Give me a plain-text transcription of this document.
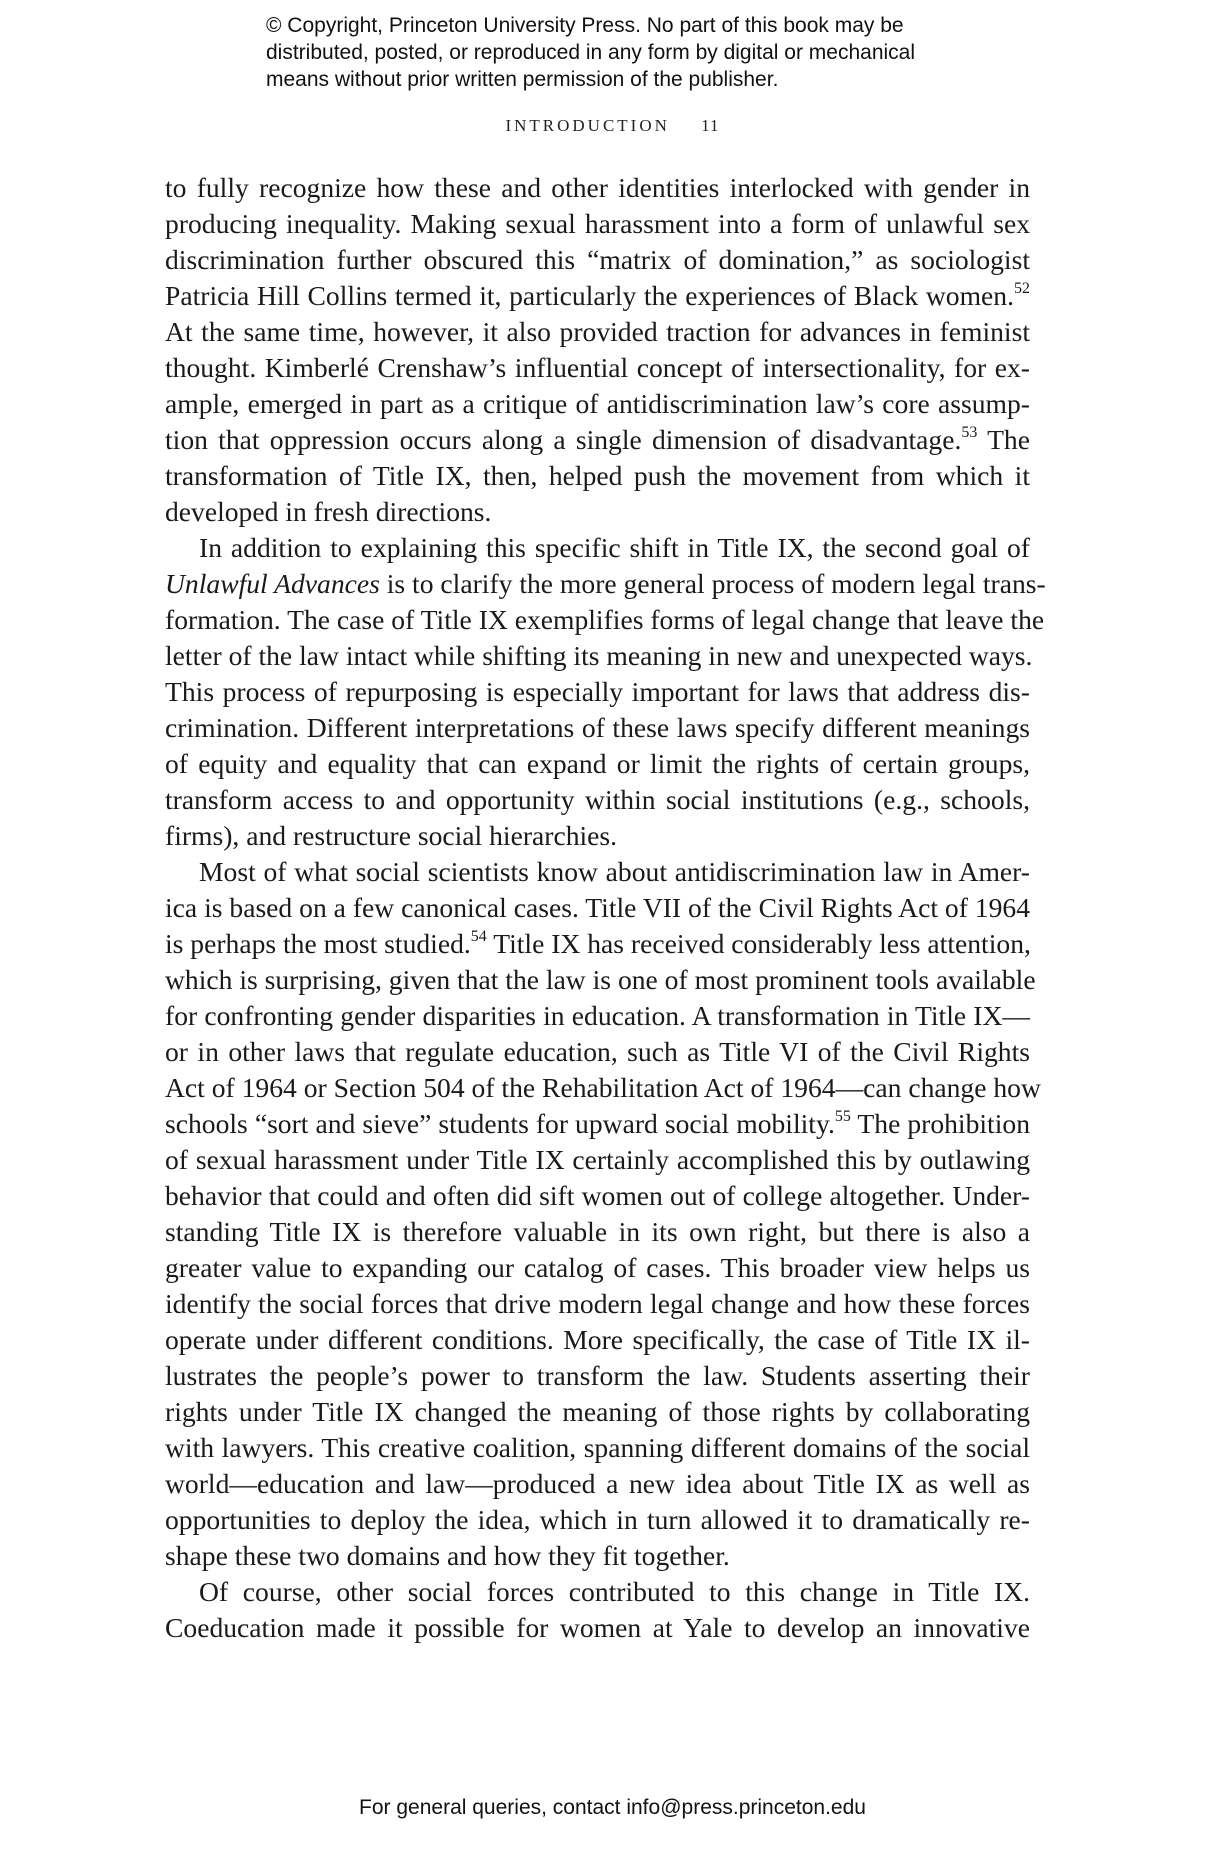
© Copyright, Princeton University Press. No part of this book may be
distributed, posted, or reproduced in any form by digital or mechanical
means without prior written permission of the publisher.
INTRODUCTION 11
to fully recognize how these and other identities interlocked with gender in
producing inequality. Making sexual harassment into a form of unlawful sex
discrimination further obscured this “matrix of domination,” as sociologist
Patricia Hill Collins termed it, particularly the experiences of Black women.$^{52}$
At the same time, however, it also provided traction for advances in feminist
thought. Kimberlé Crenshaw’s influential concept of intersectionality, for ex-
ample, emerged in part as a critique of antidiscrimination law’s core assump-
tion that oppression occurs along a single dimension of disadvantage.$^{53}$ The
transformation of Title IX, then, helped push the movement from which it
developed in fresh directions.
In addition to explaining this specific shift in Title IX, the second goal of
Unlawful Advances is to clarify the more general process of modern legal trans-
formation. The case of Title IX exemplifies forms of legal change that leave the
letter of the law intact while shifting its meaning in new and unexpected ways.
This process of repurposing is especially important for laws that address dis-
crimination. Different interpretations of these laws specify different meanings
of equity and equality that can expand or limit the rights of certain groups,
transform access to and opportunity within social institutions (e.g., schools,
firms), and restructure social hierarchies.
Most of what social scientists know about antidiscrimination law in Amer-
ica is based on a few canonical cases. Title VII of the Civil Rights Act of 1964
is perhaps the most studied.$^{54}$ Title IX has received considerably less attention,
which is surprising, given that the law is one of most prominent tools available
for confronting gender disparities in education. A transformation in Title IX—
or in other laws that regulate education, such as Title VI of the Civil Rights
Act of 1964 or Section 504 of the Rehabilitation Act of 1964—can change how
schools “sort and sieve” students for upward social mobility.$^{55}$ The prohibition
of sexual harassment under Title IX certainly accomplished this by outlawing
behavior that could and often did sift women out of college altogether. Under-
standing Title IX is therefore valuable in its own right, but there is also a
greater value to expanding our catalog of cases. This broader view helps us
identify the social forces that drive modern legal change and how these forces
operate under different conditions. More specifically, the case of Title IX il-
lustrates the people’s power to transform the law. Students asserting their
rights under Title IX changed the meaning of those rights by collaborating
with lawyers. This creative coalition, spanning different domains of the social
world—education and law—produced a new idea about Title IX as well as
opportunities to deploy the idea, which in turn allowed it to dramatically re-
shape these two domains and how they fit together.
Of course, other social forces contributed to this change in Title IX.
Coeducation made it possible for women at Yale to develop an innovative
For general queries, contact info@press.princeton.edu
